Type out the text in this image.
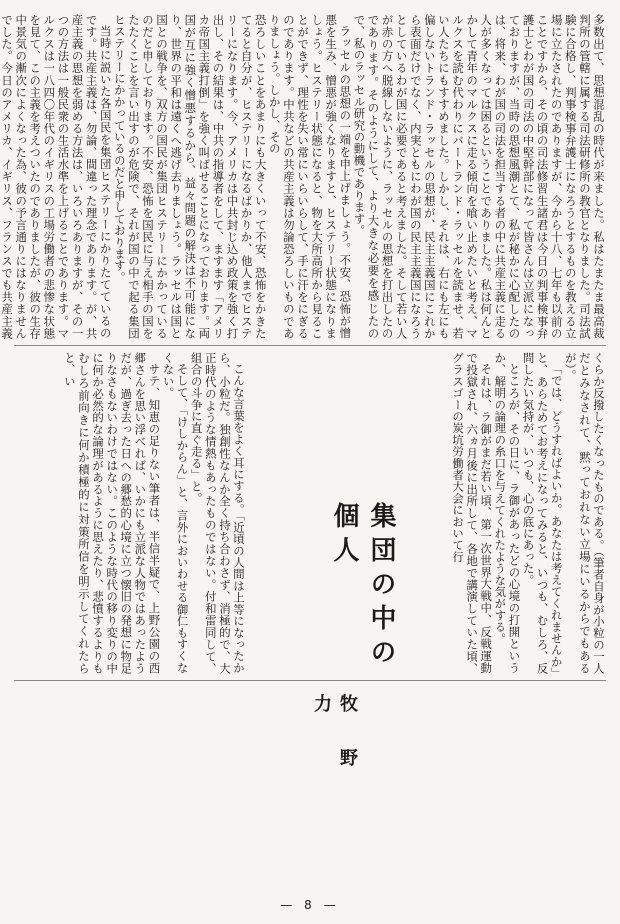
多数出て、思想混乱の時代が来ました。私はたまたま最高裁判所の管轄に属する司法研修所の教官となりました。司法試験に合格し、判事検事弁護士になろうとするものを教える立場に立たされたのでありますが、今から十八、七年も以前のことですから、その頃の司法修習生諸君は今日の判事検事弁護士とわが国の司法の中堅幹部になって皆さんは立派になっておりますが、当時の思想風潮とて、私が秘かに心配したのは、将来、わが国の司法を担当する者の中に共産主義に走る人が多くなっては困るということでありました。私は何んとかして青年のマルクスに走る傾向を喰い止めたいと考え、マルクスを読む代わりにバートランド・ラッセルを読ませ、若い人たちにもすすめました。しかし、それは、右にも左にも偏しないトランド・ラッセルの思想が、民主主義国にこれから表面だけでなく、内実ともにわが国の民主主義国になろうとしているわが国に必要であると考えました。そして若い人が赤の方へ脱線しないように、ラッセルの思想を打出したのであります。そのようにして、より大きな必要を感じたので、私のラッセル研究の動機であります。

ラッセルの思想の一端を申上げましょう。不安、恐怖が憎悪を生み、憎悪が強くなりますと、ヒステリー状態になりましょう。ヒステリー状態になると、物を大所高所から見ることができず、理性を失い常にいらいらして、手に汗をにぎるのであります。中共などの共産主義は勿論恐ろしいものでありましょう。しかし、その

恐ろしいことをあまりにも大きくいって不安、恐怖をかきたてると自分が、ヒステリーになるばかりか、他人までヒステリーになります。今、アメリカは中共封じ込め政策を強く打出し、その結果は、中共の指導者をして、ますます「アメリカ帝国主義打倒」を強く叫ばせることになっております。両国が互に強く憎悪するから、益々問題の解決は不可能になり、世界の平和は遠くへ逃げ去りましょう。ラッセルは国と国との戦争を、双方の国民が集団ヒステリーにかかっているのだと申しております。不安、恐怖を国民に与え相手の国をたたくことを言い出すのが危険で、それが国の中で起る集団ヒステリーにかかっているのだと申しております。

当時に説いた各国民を集団ヒステリーにかりたてているのです。共産主義は、勿論、間違った理念であります。が、共産主義の思想を弱める方法は、いろいろありますが、その一つの方法は一般民衆の生活水準を上げることであります。マルクスは一八四〇年代のイギリスの工場労働者の悲惨な状態を見て、この主義を考えついたのでありましたが、彼の生存中景気の漸次によくなった為、彼の予言通りにはなりませんでした。今日のアメリカ、イギリス、フランスでも共産主義

くらか反撥したくなったものである。（筆者自身が小粒の一人だとみなされて、黙っておれない立場にいるからでもあるが）。

「では、どうすればよいか。あなたは考えてくれませんか」と、あらためてお考えになってみると、いつも、むしろ、反問したい気持が、いつも、心の底にあった。

ところが、その日に、ラ御があったどの心境の打開というか、解明の論理の糸口を与えてくれたような気がする。

それは、ラ御がまだ若い頃、第一次世界大戦中、反戦運動で投獄され、六ヵ月後に出所して、各地で講演していた頃、グラスゴーの炭坑労働者大会において行

集団の中の個人

こんな言葉をよく耳にする。「近頃の人間は上等になったから、小粒だ。独創性なんか全く持ち合わさず、消極的で、大正時代のような情熱もあったものではない。付和雷同して、組合の斗争に直ぐ走る」と。

そして、「けしからん」と、言外においわせる御仁もすくなくない。

サテ、知恵の足りない筆者は、半信半疑で、上野公園の西郷さんを思い浮べれば、いかにも立派な人物ではあったようだが、過ぎ去った日への郷愁的心境に立つ懐旧の発想に物足りなさもないわけではない。このような時代の移り変りの中に何か必然的な論理があるように思えたり、悲憤するよりもむしろ前向きに何か積極的に対策所信を明示してくれたらと、い

牧野 力

— 8 —
